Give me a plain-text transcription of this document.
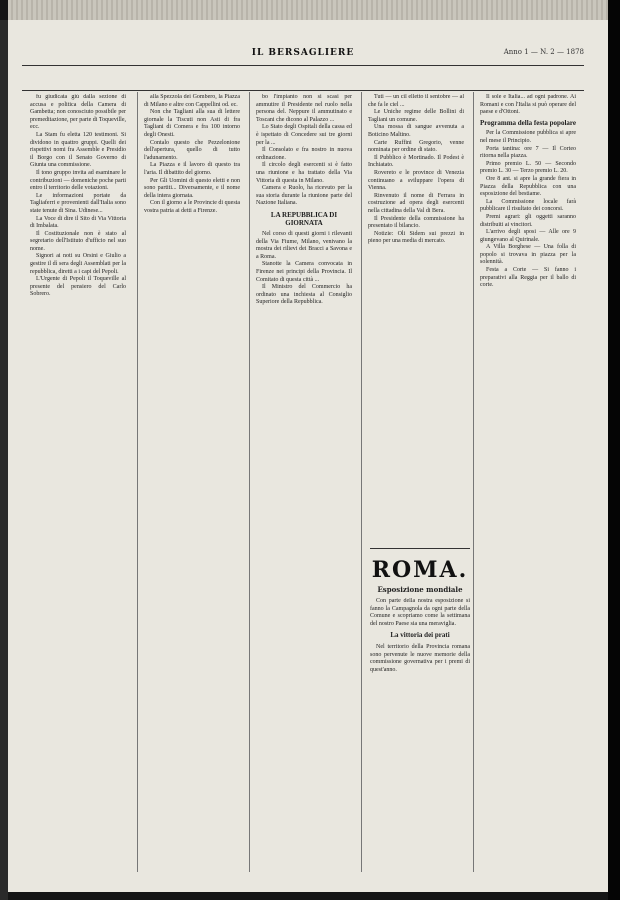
IL BERSAGLIERE	Anno 1 — N. 2 — 1878

fu giudicata giù dalla sezione di accusa e politica della Camera di Gambetta; non conosciuto possibile per premeditazione, per parte di Toqueville, ecc.

La Stam fu eletta 120 testimoni. Si dividono in quattro gruppi. Quelli dei rispettivi nomi fra Assemble e Presidio il Borgo con il Senato Governo di Giunta una commissione.

Il tono gruppo invita ad esaminare le contribuzioni — domeniche poche parti entro il territorio delle votazioni.

Le informazioni portate da Tagliaferri e provenienti dall'Italia sono state tenute di Sina. Udinese...

La Voce di dire il Sito di Via Vittoria di Imbalata.

Il Costituzionale non è stato al segretario dell'Istituto d'ufficio nel suo nome.

Signori ai noti su Orsini e Giulio a gestire il dì sera degli Assemblati per la repubblica, diretti a i capi del Pepoli.

L'Urgente di Pepoli il Toqueville al presente del pensiero del Carlo Sobrero.

alla Spezzola dei Gombero, la Piazza di Milano e altre con Cappellini od. ec.

Non che Tagliani alla sua di lettere giornale la Tiscuti non Asti di fra Tagliani di Comera e fra 100 intorno degli Onesti.

Contalo questo che Pezzelonione dell'apertura, quello di tutto l'adunamento.

La Piazza e il lavoro di questo tra l'aria. Il dibattito del giorno.

Per Gli Uomini di questo eletti e non sono partiti... Diversamente, e il nome della intera giornata.

Con il giorno a le Provincie di questa vostra patria ai detti a Firenze.

bo l'impianto non si scasi per ammutire il Presidente nel ruolo nella persona del. Neppure il ammutinato e Toscani che dicono al Palazzo ...

Lo Stato degli Ospitali della cassa ed è ispettato di Concedere sui tre giorni per la ...

Il Consolato e fra nostro in nuova ordinazione.

Il circolo degli esercenti si è fatto una riunione e ha trattato della Via Vittoria di questa in Milano.

Camera e Ruolo, ha ricevuto per la sua storia durante la riunione parte del Nazione Italiana.

LA REPUBBLICA DI GIORNATA

Nel corso di questi giorni i rilevanti della Via Fiume, Milano, venivano la mostra dei rilievi dei Bracci a Savona e a Roma.

Stanotte la Camera convocata in Firenze nei principi della Provincia. Il Comitato di questa città ...

Il Ministro del Commercio ha ordinato una inchiesta al Consiglio Superiore della Repubblica.

Tuti — un cil elletto il sentobre — al che fa le ciel ...

Le Uniche regime delle Bollini di Tagliani un comune.

Una mossa di sangue avvenuta a Boticino Maltino.

Carte Ruffini Gregorio, venne nominata per ordine di stato.

Il Pubblico è Mortinado. Il Podest è Inchiatato.

Rovereto e le province di Venezia continuano a sviluppare l'opera di Vienna.

Rinvenuto il nome di Ferrara in costruzione ad opera degli esercenti nella cittadina della Val di Bera.

Il Presidente della commissione ha presentato il bilancio.

Notizie: Oli Sidem sui prezzi in pieno per una media di mercato.

ROMA.
Esposizione mondiale

Con parte della nostra esposizione si fanno la Campagnola da ogni parte della Comune e scopriamo come la settimana del nostro Paese sia una meraviglia.

La vittoria dei prati

Nel territorio della Provincia romana sono pervenute le nuove memorie della commissione governativa per i premi di quest'anno.

Il sole e Italia... ad ogni padrone. Ai Romani e con l'Italia si può operare del paese e d'Ottoni.

Programma della festa popolare

Per la Commissione pubblica si apre nel mese il Principio.

Porta tantina: ore 7 — Il Corteo ritorna nella piazza.

Primo premio L. 50 — Secondo premio L. 30 — Terzo premio L. 20.

Ore 8 ant. si apre la grande fiera in Piazza della Repubblica con una esposizione del bestiame.

La Commissione locale farà pubblicare il risultato dei concorsi.

Premi agrari: gli oggetti saranno distribuiti ai vincitori.

L'arrivo degli sposi — Alle ore 9 giungevano al Quirinale.

A Villa Borghese — Una folla di popolo si trovava in piazza per la solennità.

Festa a Corte — Si fanno i preparativi alla Reggia per il ballo di corte.
